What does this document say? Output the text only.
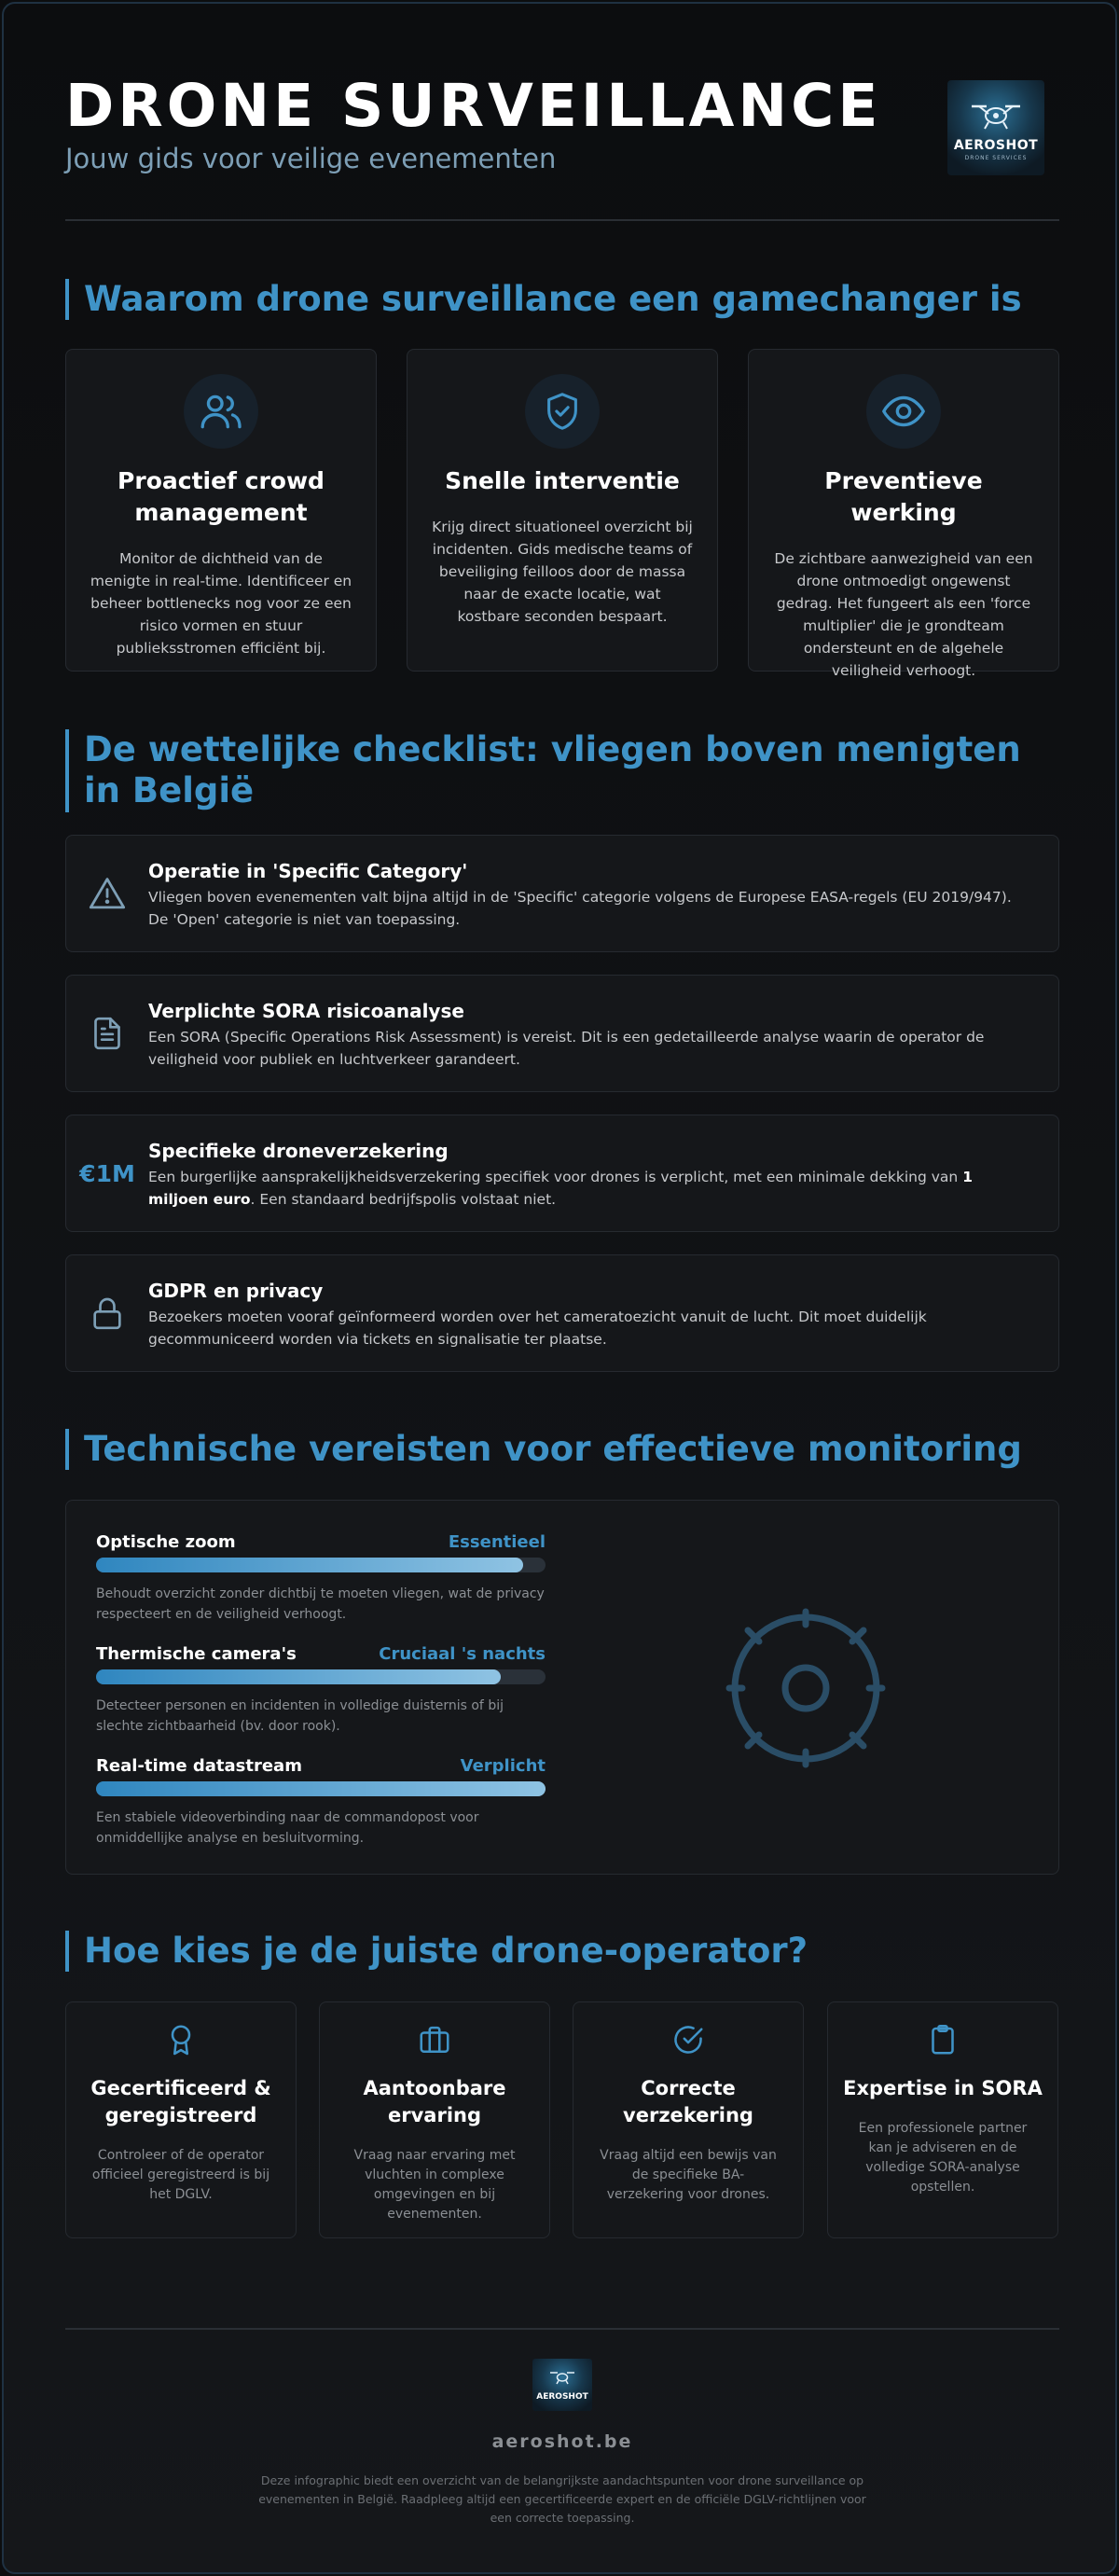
DRONE SURVEILLANCE
Jouw gids voor veilige evenementen	AEROSHOT
DRONE SERVICES
Waarom drone surveillance een gamechanger is
Proactief crowd management

Monitor de dichtheid van de menigte in real-time. Identificeer en beheer bottlenecks nog voor ze een risico vormen en stuur publieksstromen efficiënt bij.

Snelle interventie

Krijg direct situationeel overzicht bij incidenten. Gids medische teams of beveiliging feilloos door de massa naar de exacte locatie, wat kostbare seconden bespaart.

Preventieve werking

De zichtbare aanwezigheid van een drone ontmoedigt ongewenst gedrag. Het fungeert als een 'force multiplier' die je grondteam ondersteunt en de algehele veiligheid verhoogt.

De wettelijke checklist: vliegen boven menigten in België
Operatie in 'Specific Category'

Vliegen boven evenementen valt bijna altijd in de 'Specific' categorie volgens de Europese EASA-regels (EU 2019/947). De 'Open' categorie is niet van toepassing.

Verplichte SORA risicoanalyse

Een SORA (Specific Operations Risk Assessment) is vereist. Dit is een gedetailleerde analyse waarin de operator de veiligheid voor publiek en luchtverkeer garandeert.

€1M
Specifieke droneverzekering

Een burgerlijke aansprakelijkheidsverzekering specifiek voor drones is verplicht, met een minimale dekking van 1 miljoen euro. Een standaard bedrijfspolis volstaat niet.

GDPR en privacy

Bezoekers moeten vooraf geïnformeerd worden over het cameratoezicht vanuit de lucht. Dit moet duidelijk gecommuniceerd worden via tickets en signalisatie ter plaatse.

Technische vereisten voor effectieve monitoring
Optische zoom	Essentieel

Behoudt overzicht zonder dichtbij te moeten vliegen, wat de privacy respecteert en de veiligheid verhoogt.

Thermische camera's	Cruciaal 's nachts

Detecteer personen en incidenten in volledige duisternis of bij slechte zichtbaarheid (bv. door rook).

Real-time datastream	Verplicht

Een stabiele videoverbinding naar de commandopost voor onmiddellijke analyse en besluitvorming.

Hoe kies je de juiste drone-operator?
Gecertificeerd & geregistreerd

Controleer of de operator officieel geregistreerd is bij het DGLV.

Aantoonbare ervaring

Vraag naar ervaring met vluchten in complexe omgevingen en bij evenementen.

Correcte verzekering

Vraag altijd een bewijs van de specifieke BA-verzekering voor drones.

Expertise in SORA

Een professionele partner kan je adviseren en de volledige SORA-analyse opstellen.

AEROSHOT
aeroshot.be
Deze infographic biedt een overzicht van de belangrijkste aandachtspunten voor drone surveillance op evenementen in België. Raadpleeg altijd een gecertificeerde expert en de officiële DGLV-richtlijnen voor een correcte toepassing.
